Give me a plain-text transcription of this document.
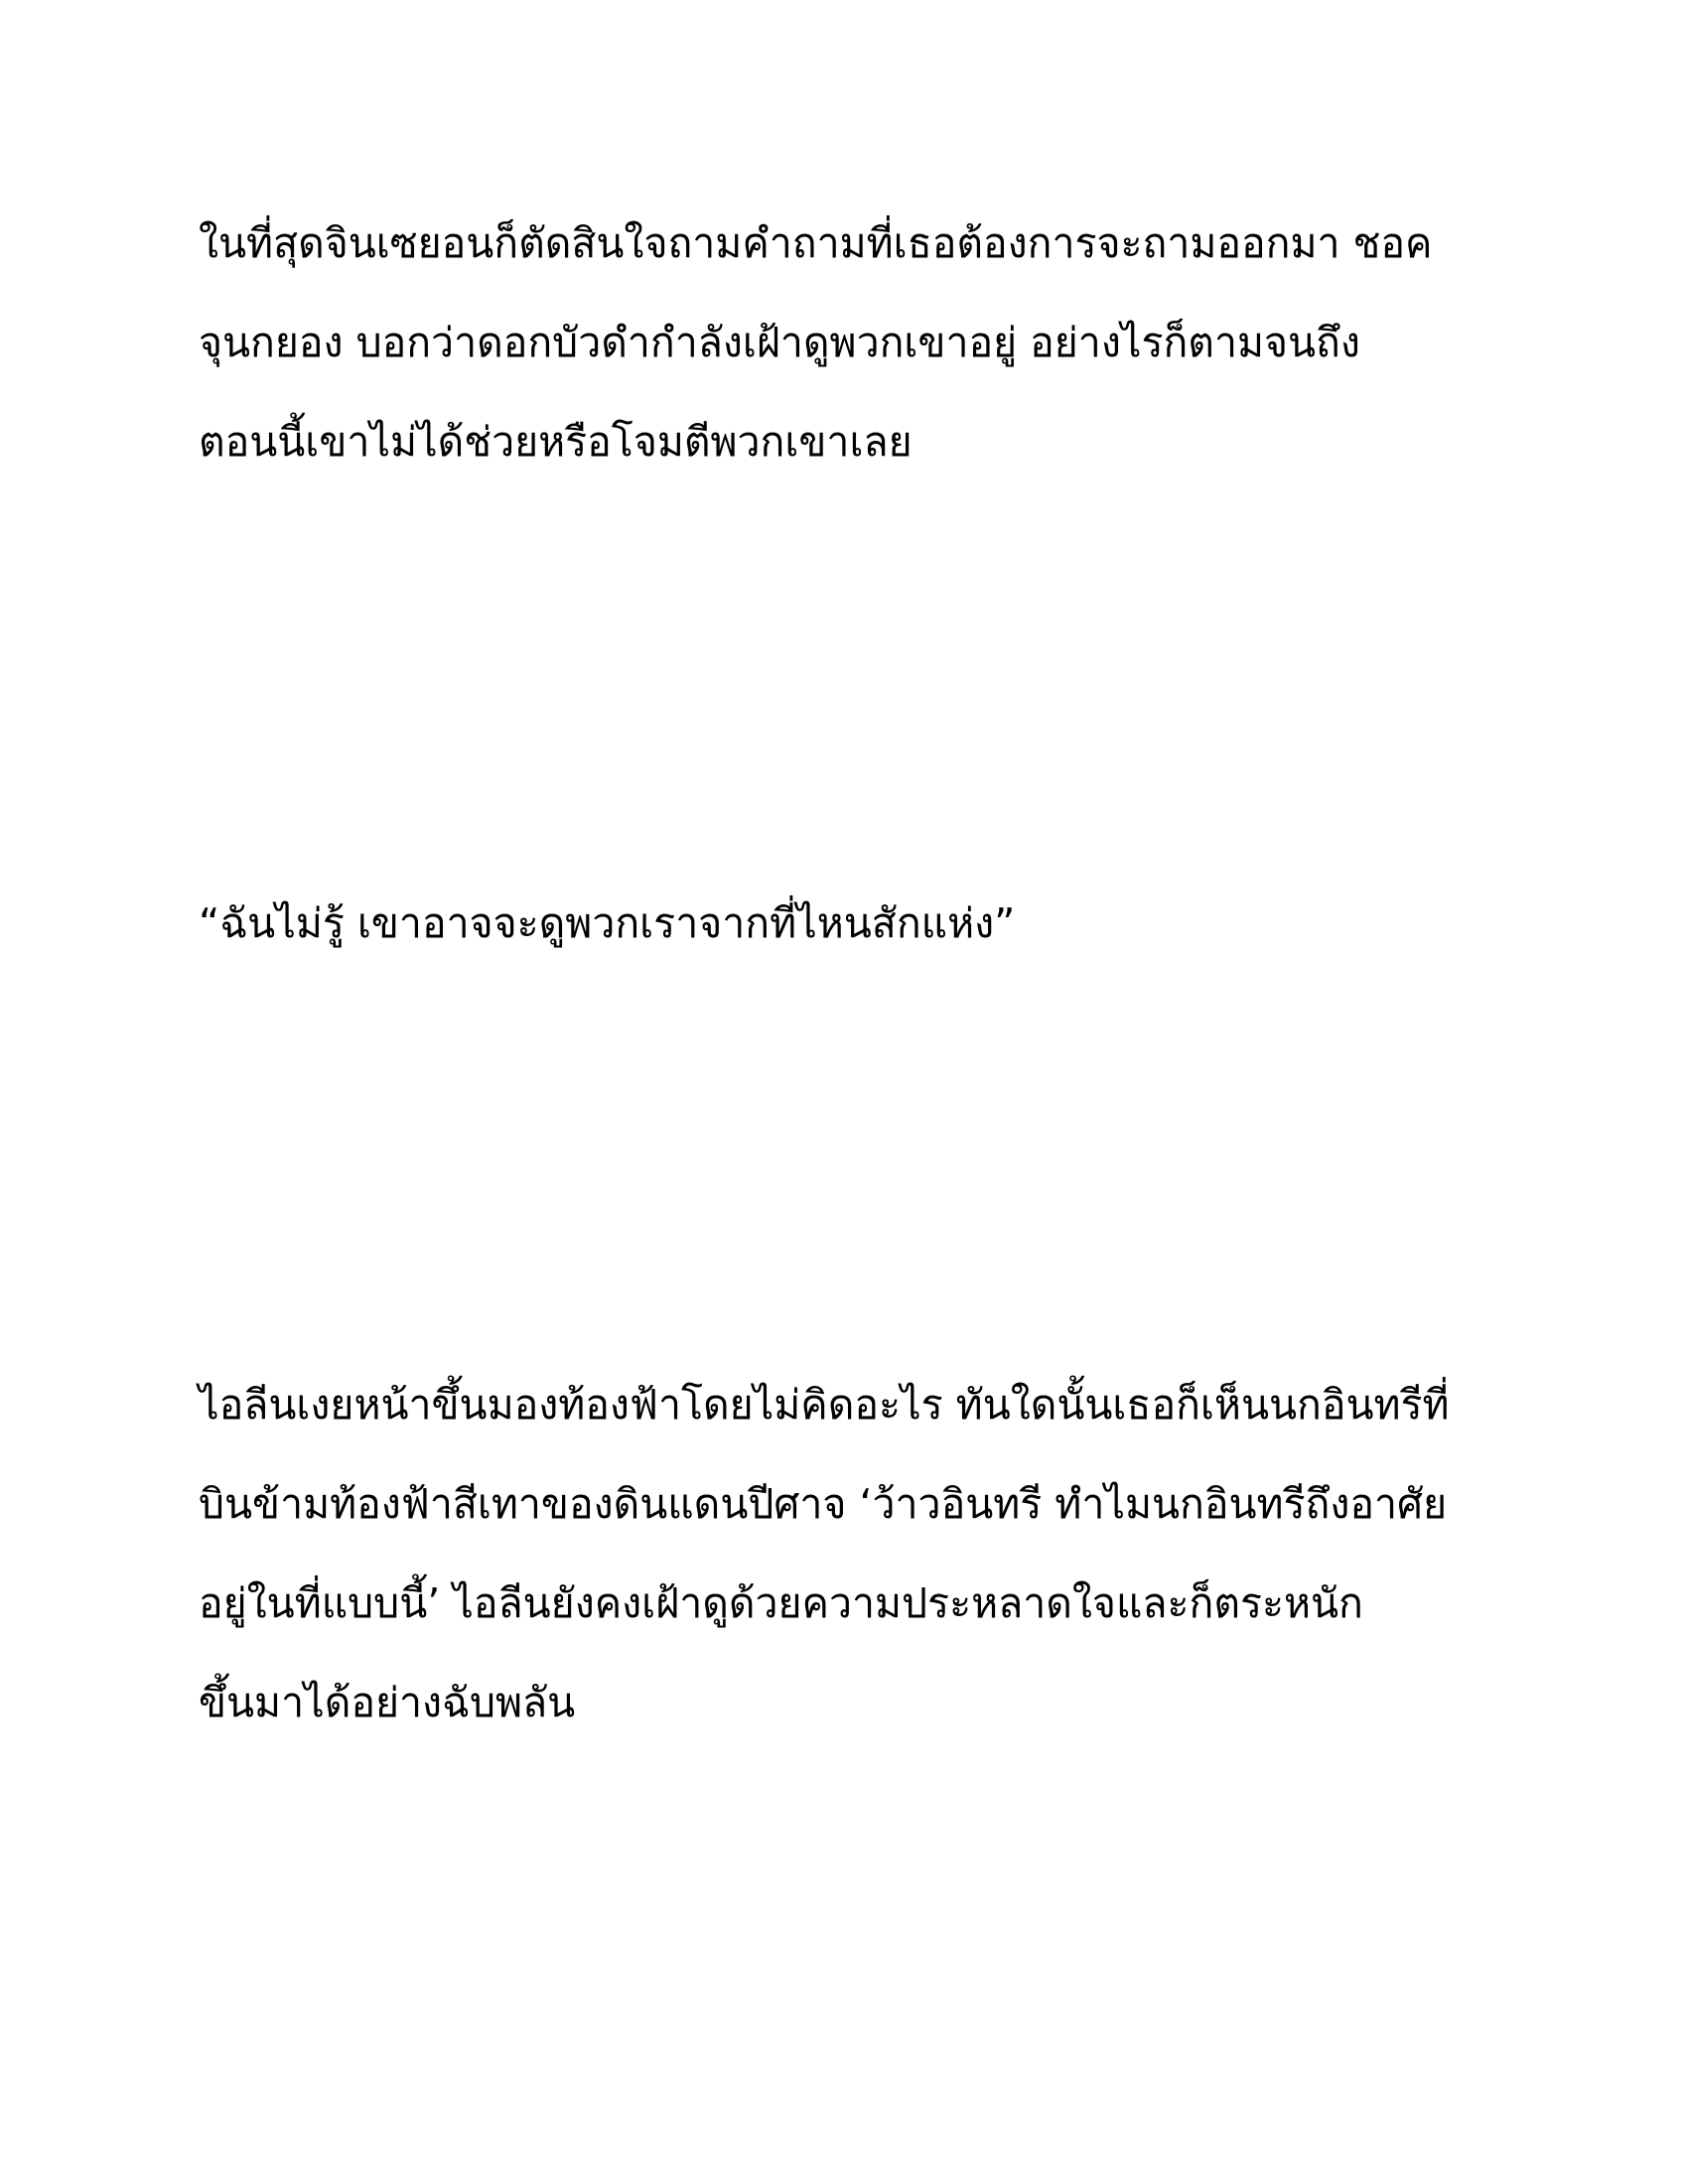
ในที่สุดจินเซยอนก็ตัดสินใจถามคำถามที่เธอต้องการจะถามออกมา ชอค
จุนกยอง บอกว่าดอกบัวดำกำลังเฝ้าดูพวกเขาอยู่ อย่างไรก็ตามจนถึง
ตอนนี้เขาไม่ได้ช่วยหรือโจมตีพวกเขาเลย
“ฉันไม่รู้ เขาอาจจะดูพวกเราจากที่ไหนสักแห่ง”
ไอลีนเงยหน้าขึ้นมองท้องฟ้าโดยไม่คิดอะไร ทันใดนั้นเธอก็เห็นนกอินทรีที่
บินข้ามท้องฟ้าสีเทาของดินแดนปีศาจ ‘ว้าวอินทรี ทำไมนกอินทรีถึงอาศัย
อยู่ในที่แบบนี้’ ไอลีนยังคงเฝ้าดูด้วยความประหลาดใจและก็ตระหนัก
ขึ้นมาได้อย่างฉับพลัน
